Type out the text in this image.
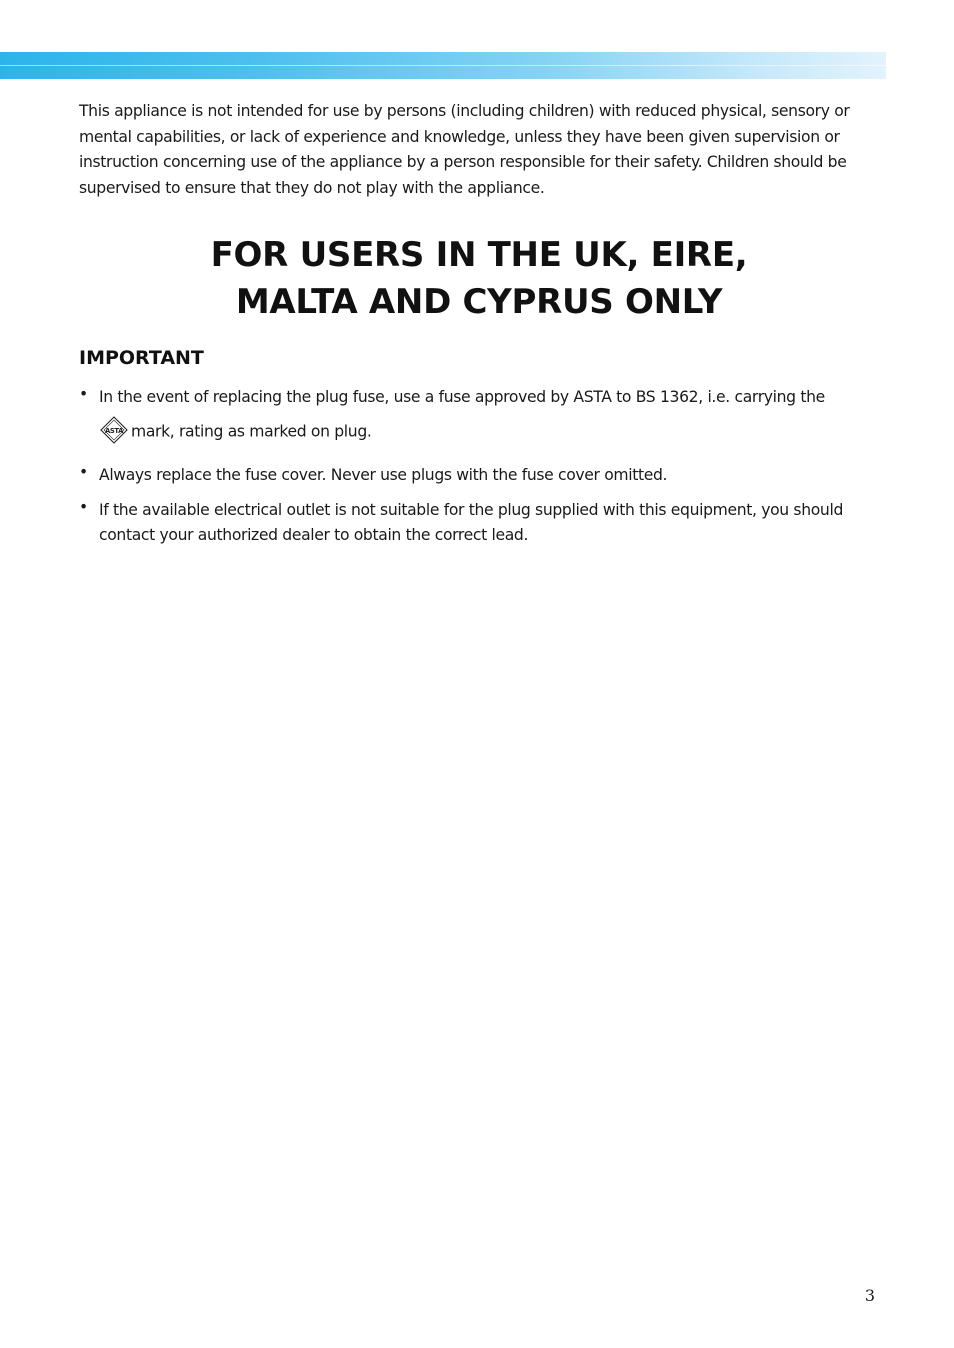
This appliance is not intended for use by persons (including children) with reduced physical, sensory or mental capabilities, or lack of experience and knowledge, unless they have been given supervision or instruction concerning use of the appliance by a person responsible for their safety. Children should be supervised to ensure that they do not play with the appliance.

FOR USERS IN THE UK, EIRE,
MALTA AND CYPRUS ONLY
IMPORTANT
• In the event of replacing the plug fuse, use a fuse approved by ASTA to BS 1362, i.e. carrying the
ASTA mark, rating as marked on plug.
• Always replace the fuse cover. Never use plugs with the fuse cover omitted.
• If the available electrical outlet is not suitable for the plug supplied with this equipment, you should contact your authorized dealer to obtain the correct lead.
3
